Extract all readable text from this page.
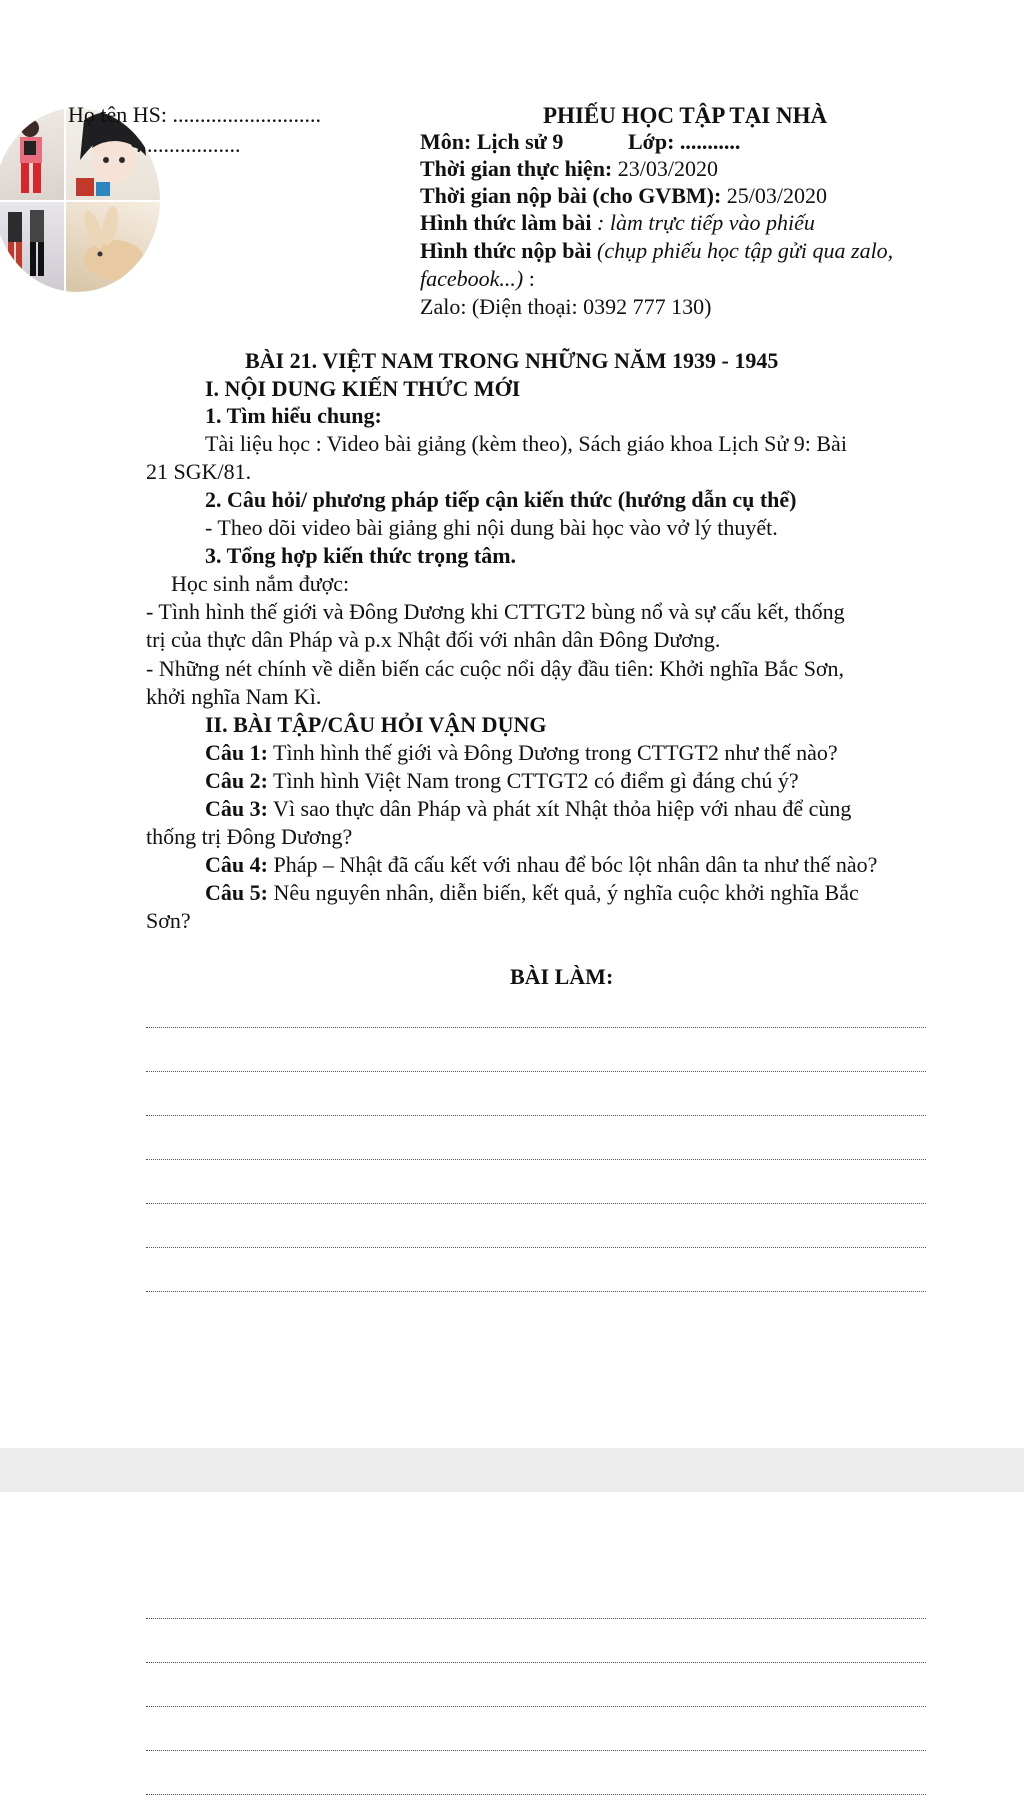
Họ tên HS: ...........................
...................
PHIẾU HỌC TẬP TẠI NHÀ
Môn: Lịch sử 9	Lớp: ...........
Thời gian thực hiện: 23/03/2020
Thời gian nộp bài (cho GVBM): 25/03/2020
Hình thức làm bài : làm trực tiếp vào phiếu
Hình thức nộp bài (chụp phiếu học tập gửi qua zalo,
facebook...) :
Zalo: (Điện thoại: 0392 777 130)
BÀI 21. VIỆT NAM TRONG NHỮNG NĂM 1939 - 1945
I. NỘI DUNG KIẾN THỨC MỚI
1. Tìm hiểu chung:
Tài liệu học : Video bài giảng (kèm theo), Sách giáo khoa Lịch Sử 9: Bài
21 SGK/81.
2. Câu hỏi/ phương pháp tiếp cận kiến thức (hướng dẫn cụ thể)
- Theo dõi video bài giảng ghi nội dung bài học vào vở lý thuyết.
3. Tổng hợp kiến thức trọng tâm.
Học sinh nắm được:
- Tình hình thế giới và Đông Dương khi CTTGT2 bùng nổ và sự cấu kết, thống
trị của thực dân Pháp và p.x Nhật đối với nhân dân Đông Dương.
- Những nét chính về diễn biến các cuộc nổi dậy đầu tiên: Khởi nghĩa Bắc Sơn,
khởi nghĩa Nam Kì.
II. BÀI TẬP/CÂU HỎI VẬN DỤNG
Câu 1: Tình hình thế giới và Đông Dương trong CTTGT2 như thế nào?
Câu 2: Tình hình Việt Nam trong CTTGT2 có điểm gì đáng chú ý?
Câu 3: Vì sao thực dân Pháp và phát xít Nhật thỏa hiệp với nhau để cùng
thống trị Đông Dương?
Câu 4: Pháp – Nhật đã cấu kết với nhau để bóc lột nhân dân ta như thế nào?
Câu 5: Nêu nguyên nhân, diễn biến, kết quả, ý nghĩa cuộc khởi nghĩa Bắc
Sơn?
BÀI LÀM:
